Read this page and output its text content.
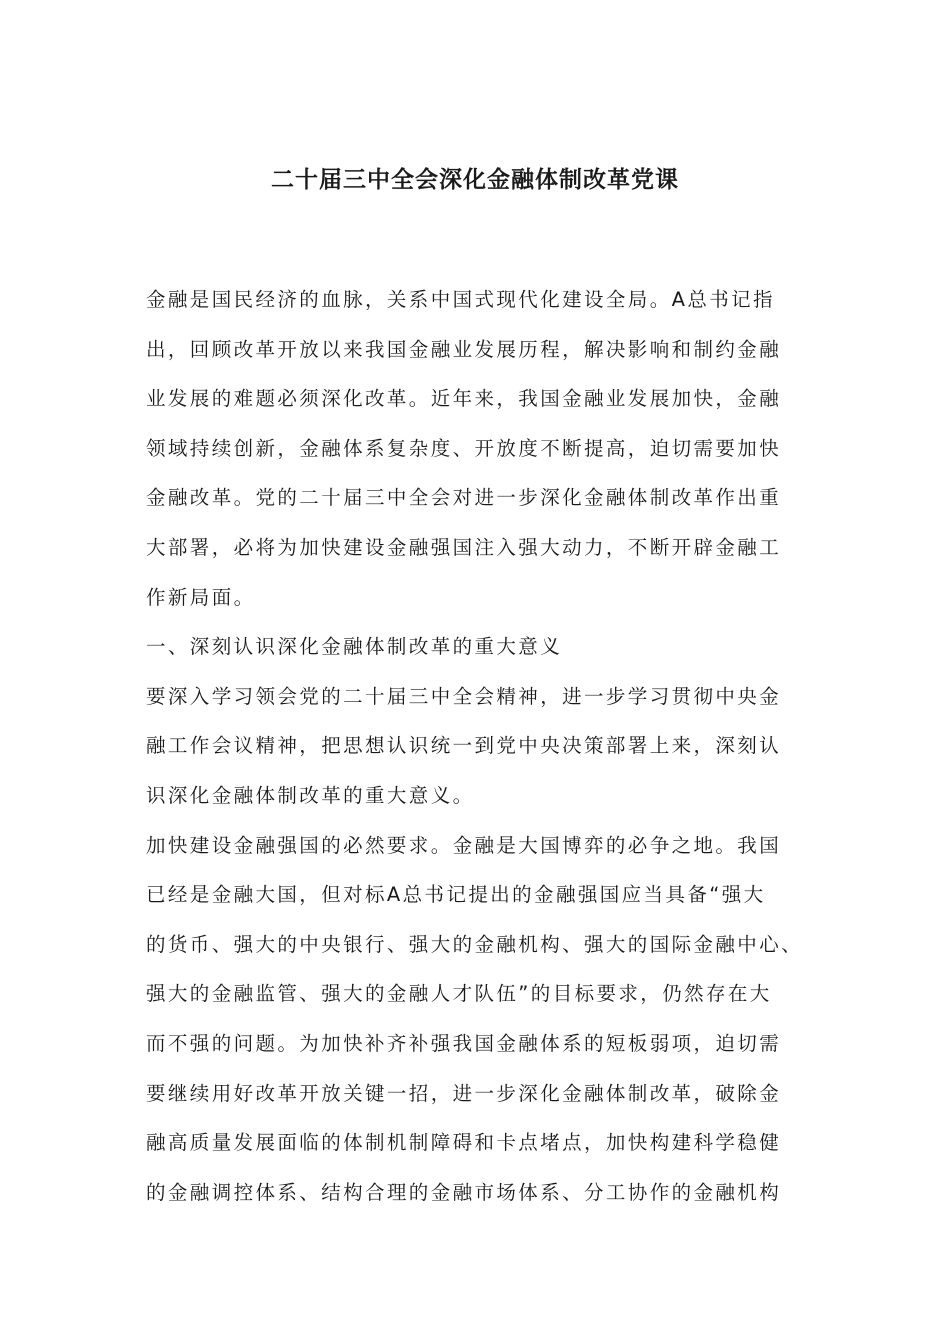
二十届三中全会深化金融体制改革党课
金融是国民经济的血脉，关系中国式现代化建设全局。A总书记指
出，回顾改革开放以来我国金融业发展历程，解决影响和制约金融
业发展的难题必须深化改革。近年来，我国金融业发展加快，金融
领域持续创新，金融体系复杂度、开放度不断提高，迫切需要加快
金融改革。党的二十届三中全会对进一步深化金融体制改革作出重
大部署，必将为加快建设金融强国注入强大动力，不断开辟金融工
作新局面。
一、深刻认识深化金融体制改革的重大意义
要深入学习领会党的二十届三中全会精神，进一步学习贯彻中央金
融工作会议精神，把思想认识统一到党中央决策部署上来，深刻认
识深化金融体制改革的重大意义。
加快建设金融强国的必然要求。金融是大国博弈的必争之地。我国
已经是金融大国，但对标A总书记提出的金融强国应当具备“强大
的货币、强大的中央银行、强大的金融机构、强大的国际金融中心、
强大的金融监管、强大的金融人才队伍”的目标要求，仍然存在大
而不强的问题。为加快补齐补强我国金融体系的短板弱项，迫切需
要继续用好改革开放关键一招，进一步深化金融体制改革，破除金
融高质量发展面临的体制机制障碍和卡点堵点，加快构建科学稳健
的金融调控体系、结构合理的金融市场体系、分工协作的金融机构
